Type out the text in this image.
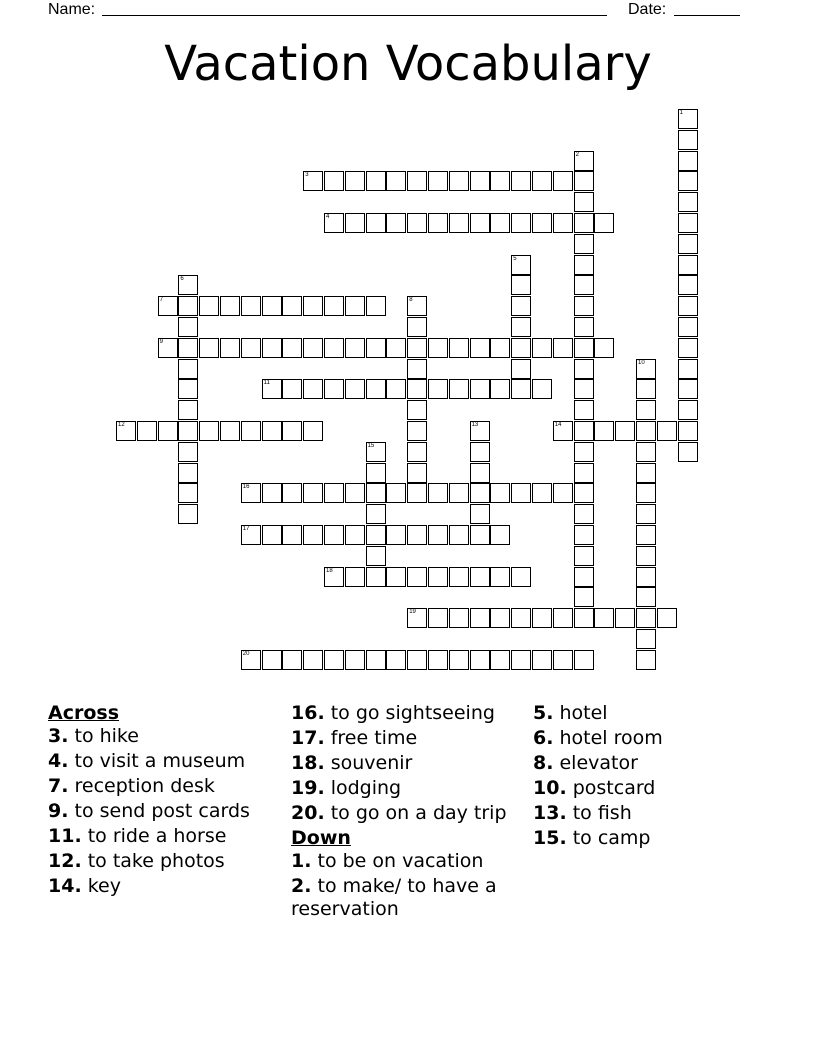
Name:	Date:
Vacation Vocabulary
3
4
7
9
11
12	14
16
17
18
19
20
1
2
5
6
8
10
13
15
Across
3. to hike
4. to visit a museum
7. reception desk
9. to send post cards
11. to ride a horse
12. to take photos
14. key
16. to go sightseeing
17. free time
18. souvenir
19. lodging
20. to go on a day trip
Down
1. to be on vacation
2. to make/ to have a reservation
5. hotel
6. hotel room
8. elevator
10. postcard
13. to fish
15. to camp
